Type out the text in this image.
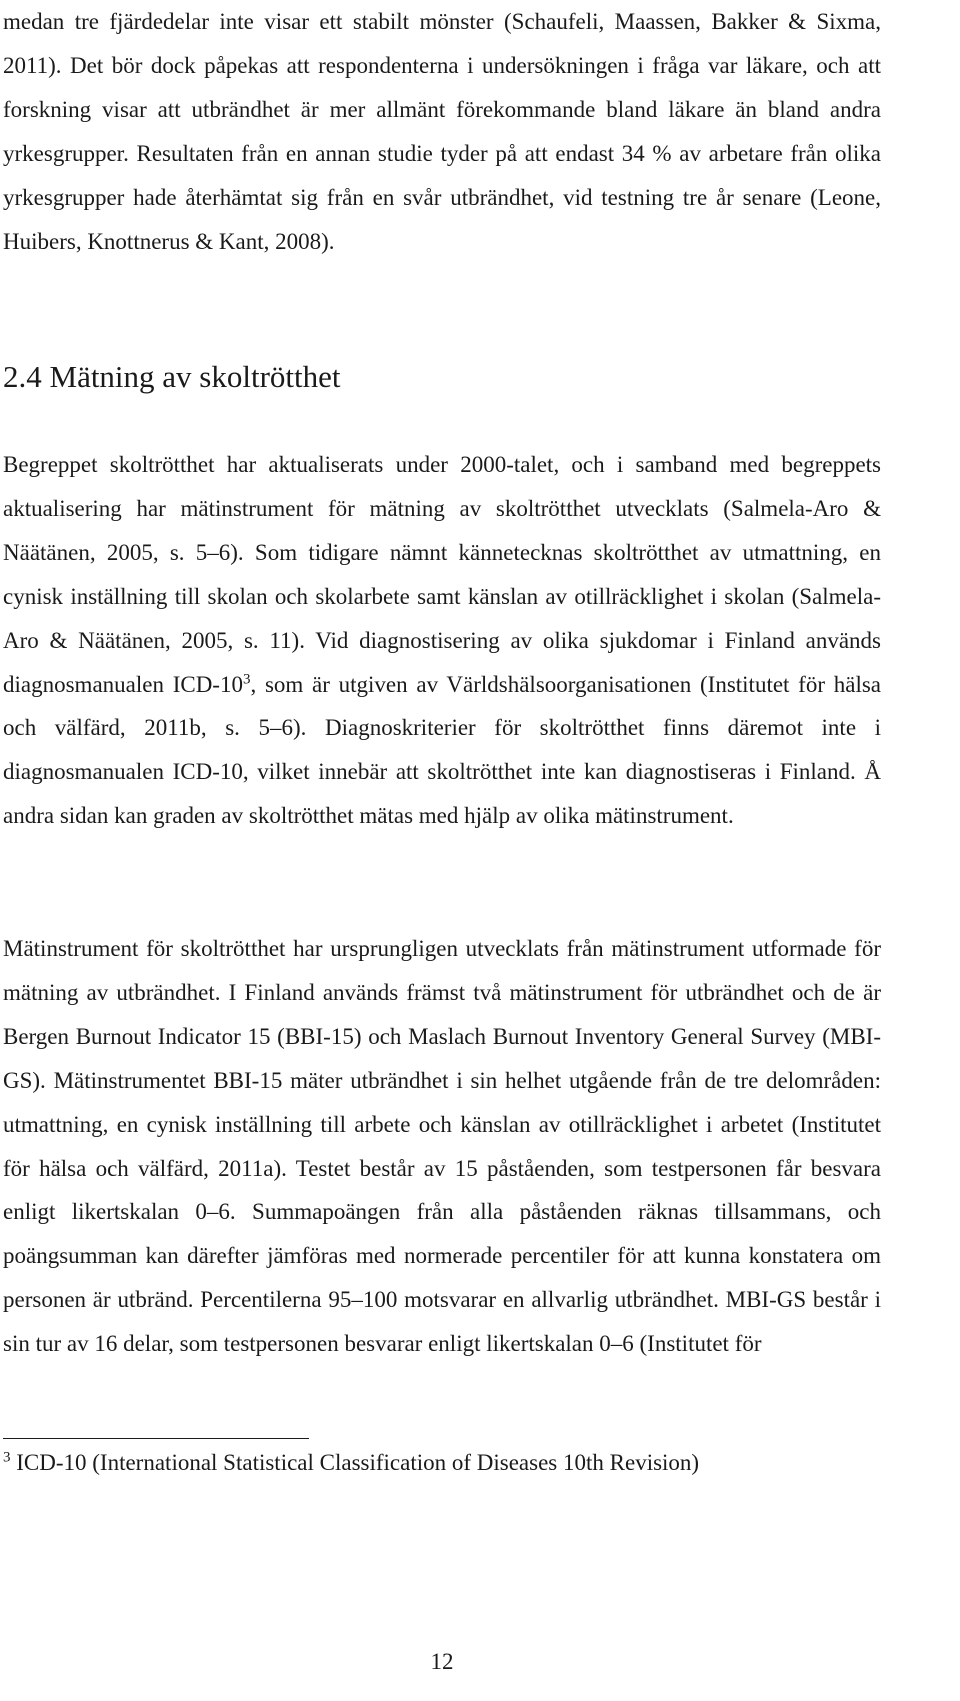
medan tre fjärdedelar inte visar ett stabilt mönster (Schaufeli, Maassen, Bakker & Sixma, 2011). Det bör dock påpekas att respondenterna i undersökningen i fråga var läkare, och att forskning visar att utbrändhet är mer allmänt förekommande bland läkare än bland andra yrkesgrupper. Resultaten från en annan studie tyder på att endast 34 % av arbetare från olika yrkesgrupper hade återhämtat sig från en svår utbrändhet, vid testning tre år senare (Leone, Huibers, Knottnerus & Kant, 2008).

2.4 Mätning av skoltrötthet

Begreppet skoltrötthet har aktualiserats under 2000-talet, och i samband med begreppets aktualisering har mätinstrument för mätning av skoltrötthet utvecklats (Salmela-Aro & Näätänen, 2005, s. 5–6). Som tidigare nämnt kännetecknas skoltrötthet av utmattning, en cynisk inställning till skolan och skolarbete samt känslan av otillräcklighet i skolan (Salmela-Aro & Näätänen, 2005, s. 11). Vid diagnostisering av olika sjukdomar i Finland används diagnosmanualen ICD-$10^3$, som är utgiven av Världshälsoorganisationen (Institutet för hälsa och välfärd, 2011b, s. 5–6). Diagnoskriterier för skoltrötthet finns däremot inte i diagnosmanualen ICD-10, vilket innebär att skoltrötthet inte kan diagnostiseras i Finland. Å andra sidan kan graden av skoltrötthet mätas med hjälp av olika mätinstrument.

Mätinstrument för skoltrötthet har ursprungligen utvecklats från mätinstrument utformade för mätning av utbrändhet. I Finland används främst två mätinstrument för utbrändhet och de är Bergen Burnout Indicator 15 (BBI-15) och Maslach Burnout Inventory General Survey (MBI-GS). Mätinstrumentet BBI-15 mäter utbrändhet i sin helhet utgående från de tre delområden: utmattning, en cynisk inställning till arbete och känslan av otillräcklighet i arbetet (Institutet för hälsa och välfärd, 2011a). Testet består av 15 påståenden, som testpersonen får besvara enligt likertskalan 0–6. Summapoängen från alla påståenden räknas tillsammans, och poängsumman kan därefter jämföras med normerade percentiler för att kunna konstatera om personen är utbränd. Percentilerna 95–100 motsvarar en allvarlig utbrändhet. MBI-GS består i sin tur av 16 delar, som testpersonen besvarar enligt likertskalan 0–6 (Institutet för

$^3$ ICD-10 (International Statistical Classification of Diseases 10th Revision)

12
